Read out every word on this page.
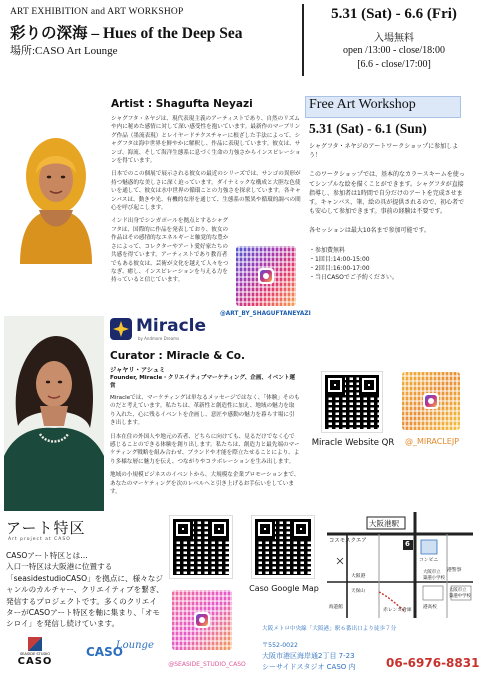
ART EXHIBITION and ART WORKSHOP
彩りの深海 – Hues of the Deep Sea
場所:CASO Art Lounge
5.31 (Sat) - 6.6 (Fri)
入場無料
open /13:00 - close/18:00
[6.6 - close/17:00]
Artist : Shagufta Neyazi

シャグフタ・ネヤジは、現代表現主義のアーティストであり、自然のリズムや内に秘めた感情に対して深い感受性を抱いています。最新作のマーブリング作品（墨流表現）とレイヤードテクスチャーに根ざした手法によって、シャグフタは海中世界を鮮やかに解釈し、作品に表現しています。彼女は、サンゴ、海流、そして海洋生態系に息づく生命の力強さからインスピレーションを得ています。

日本でのこの個展で展示される彼女の最近のシリーズでは、サンゴの異形が持つ魅惑的な美しさに深く迫っています。ダイナミックな構成と大胆な色使いを通して、彼女は水中世界の循環ことの力強さを探求しています。各キャンバスは、動きや光、有機的な形を通じて、生態系の驚異や循環的調べの間心を呼び起こします。

インド出身でシンガポールを拠点とするシャグフタは、国際的に作品を発表しており、彼女の作品はその感情的なエネルギーと触覚的な豊かさによって、コレクターやアート愛好家たちの共感を得ています。アーティストであり教育者でもある彼女は、芸術が文化を越えて人々をつなぎ、癒し、インスピレーションを与える力を持っていると信じています。

@ART_BY_SHAGUFTANEYAZI
Free Art Workshop
5.31 (Sat) - 6.1 (Sun)

シャグフタ・ネヤジのアートワークショップに参加しよう！

このワークショップでは、基本的なカラースキームを使ってシンプルな絵を描くことができます。シャグフタが直接指導し、参加者は1時間で自分だけのアートを完成させます。キャンバス、筆、絵の具が提供されるので、初心者でも安心して参加できます。事前の経験は不要です。

各セッションは最大10名まで参加可能です。

・参加費無料
・1回目:14:00-15:00
・2回目:16:00-17:00
・当日CASOでご予約ください。
Miracle
by Andmore Dreams
Curator : Miracle & Co.
ジャヤリ・アシュミ
Founder, Miracle・クリエイティブマーケティング、企画、イベント運営

Miracleでは、マーケティングは単なるメッセージではなく、「体験」そのものだと考えています。私たちは、革新性と創造性に加え、地域の魅力を取り入れた、心に残るイベントを企画し、意匠や感動の魅力を暮らす場に引き出します。

日本在住の外国人や地元の若者、どちらに向けても、見るだけでなく心で感じることのできる体験を創り出します。私たちは、創造力と最先端のマーケティング戦略を組み合わせ、ブランドや才能を際立たせることにより、より多様な層に魅力を伝え、つながりやコラボレーションを生み出します。

地域の小規模ビジネスのイベントから、大規模な企業プロモーションまで、あなたのマーケティングを次のレベルへと引き上げるお手伝いをしています。

Miracle Website QR	@_MIRACLEJP
アート特区
Art project at CASO
CASOアート特区とは…
入口一特区は大阪港に位置する「seasidestudioCASO」を拠点に、様々なジャンルのカルチャー、クリエイティブを繋ぎ、発信するプロジェクトです。多くのクリエイターがCASOアート特区を軸に集まり、「オモシロイ」を発信し続けています。
SEASIDE STUDIO
CASO
CASO
Lounge
@SEASIDE_STUDIO_CASO
Caso Google Map
大阪港駅
コスモスクエア	6
コンビニ
港警察
大阪市立
築港小学校
大阪市立
築港中学校
赤レンガ倉庫
大阪港
港高校
天保山
海遊館
大阪メトロ中央線「大阪港」駅６番出口より徒歩７分
〒552-0022
大阪市港区海岸通2丁目 7-23
シーサイドスタジオ CASO 内	06-6976-8831
